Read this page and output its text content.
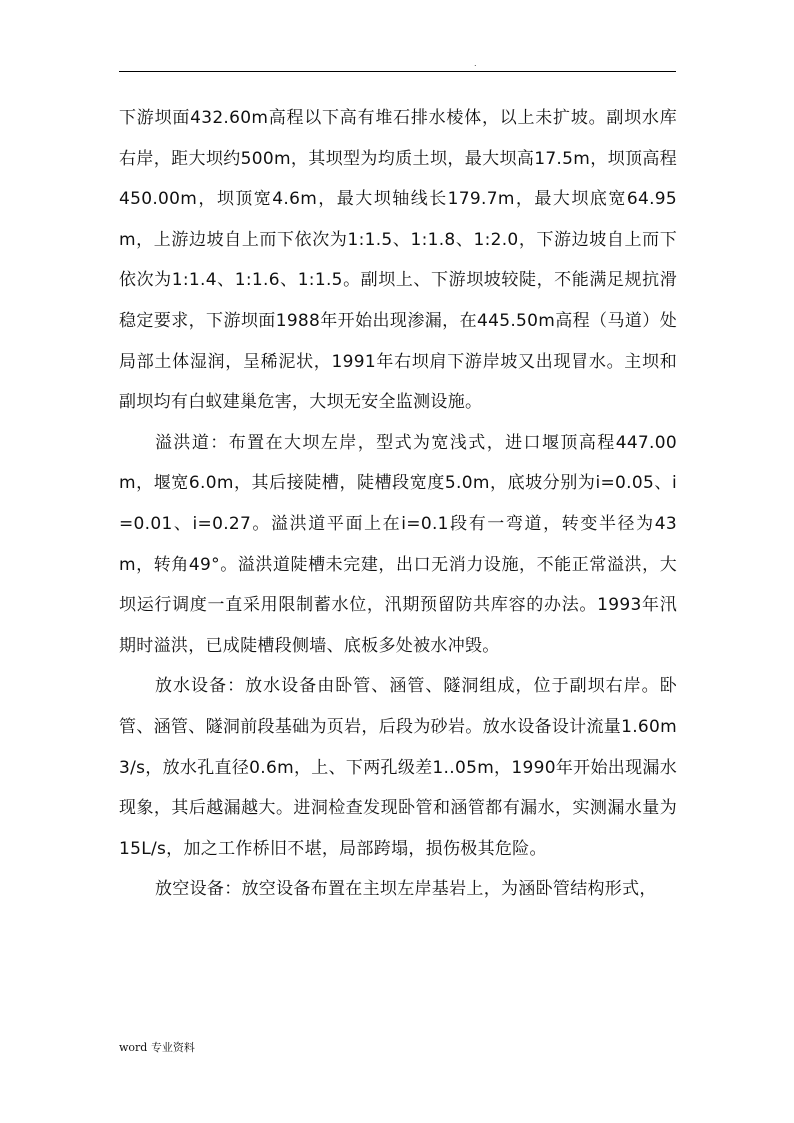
.

下游坝面432.60m高程以下高有堆石排水棱体，以上未扩坡。副坝水库右岸，距大坝约500m，其坝型为均质土坝，最大坝高17.5m，坝顶高程450.00m，坝顶宽4.6m，最大坝轴线长179.7m，最大坝底宽64.95m，上游边坡自上而下依次为1:1.5、1:1.8、1:2.0，下游边坡自上而下依次为1:1.4、1:1.6、1:1.5。副坝上、下游坝坡较陡，不能满足规抗滑稳定要求，下游坝面1988年开始出现渗漏，在445.50m高程（马道）处局部土体湿润，呈稀泥状，1991年右坝肩下游岸坡又出现冒水。主坝和副坝均有白蚁建巢危害，大坝无安全监测设施。

溢洪道：布置在大坝左岸，型式为宽浅式，进口堰顶高程447.00m，堰宽6.0m，其后接陡槽，陡槽段宽度5.0m，底坡分别为i=0.05、i=0.01、i=0.27。溢洪道平面上在i=0.1段有一弯道，转变半径为43m，转角49°。溢洪道陡槽未完建，出口无消力设施，不能正常溢洪，大坝运行调度一直采用限制蓄水位，汛期预留防共库容的办法。1993年汛期时溢洪，已成陡槽段侧墙、底板多处被水冲毁。

放水设备：放水设备由卧管、涵管、隧洞组成，位于副坝右岸。卧管、涵管、隧洞前段基础为页岩，后段为砂岩。放水设备设计流量1.60m3/s，放水孔直径0.6m，上、下两孔级差1..05m，1990年开始出现漏水现象，其后越漏越大。进洞检查发现卧管和涵管都有漏水，实测漏水量为15L/s，加之工作桥旧不堪，局部跨塌，损伤极其危险。

放空设备：放空设备布置在主坝左岸基岩上，为涵卧管结构形式，

word 专业资料
